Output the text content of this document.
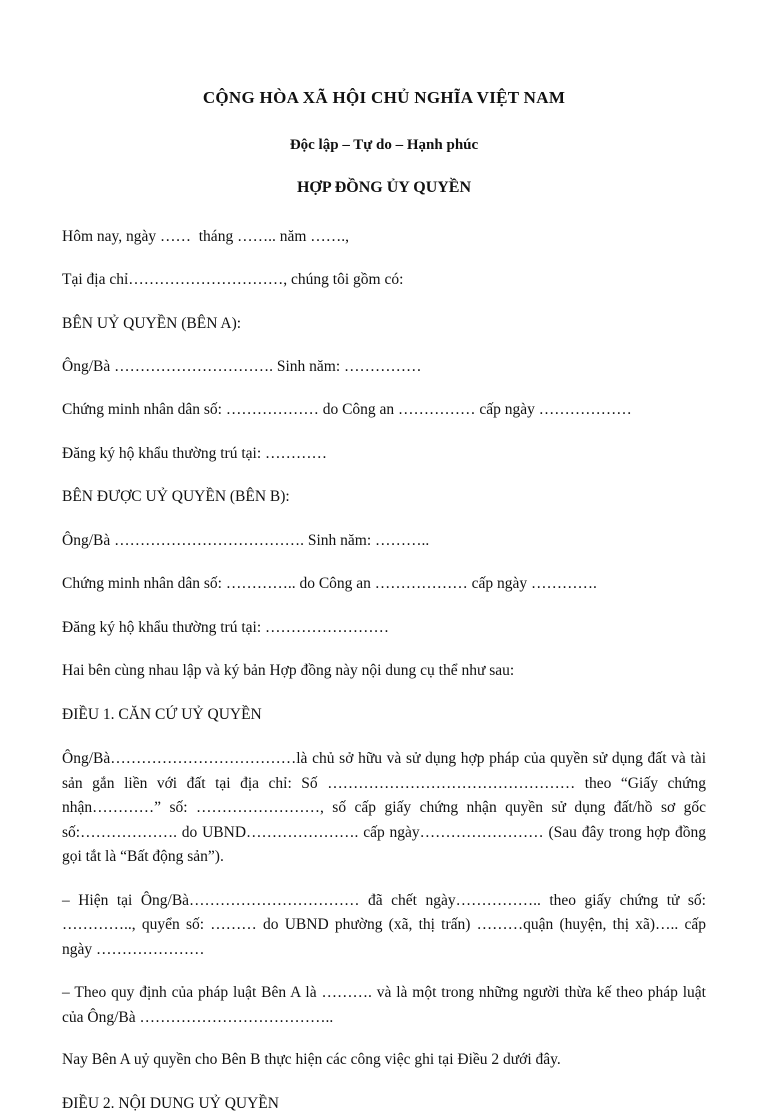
CỘNG HÒA XÃ HỘI CHỦ NGHĨA VIỆT NAM
Độc lập – Tự do – Hạnh phúc
HỢP ĐỒNG ỦY QUYỀN

Hôm nay, ngày ……  tháng …….. năm …….,

Tại địa chỉ…………………………, chúng tôi gồm có:

BÊN UỶ QUYỀN (BÊN A):

Ông/Bà …………………………. Sinh năm: ……………

Chứng minh nhân dân số: ……………… do Công an …………… cấp ngày ………………

Đăng ký hộ khẩu thường trú tại: …………

BÊN ĐƯỢC UỶ QUYỀN (BÊN B):

Ông/Bà ………………………………. Sinh năm: ………..

Chứng minh nhân dân số: ………….. do Công an ……………… cấp ngày ………….

Đăng ký hộ khẩu thường trú tại: ……………………

Hai bên cùng nhau lập và ký bản Hợp đồng này nội dung cụ thể như sau:

ĐIỀU 1. CĂN CỨ UỶ QUYỀN

Ông/Bà………………………………là chủ sở hữu và sử dụng hợp pháp của quyền sử dụng đất và tài sản gắn liền với đất tại địa chỉ: Số ………………………………………… theo “Giấy chứng nhận…………” số: ……………………, số cấp giấy chứng nhận quyền sử dụng đất/hồ sơ gốc số:………………. do UBND…………………. cấp ngày…………………… (Sau đây trong hợp đồng gọi tắt là “Bất động sản”).

– Hiện tại Ông/Bà…………………………… đã chết ngày…………….. theo giấy chứng tử số: ………….., quyển số: ……… do UBND phường (xã, thị trấn) ………quận (huyện, thị xã)….. cấp ngày …………………

– Theo quy định của pháp luật Bên A là ………. và là một trong những người thừa kế theo pháp luật của Ông/Bà ………………………………..

Nay Bên A uỷ quyền cho Bên B thực hiện các công việc ghi tại Điều 2 dưới đây.

ĐIỀU 2. NỘI DUNG UỶ QUYỀN
